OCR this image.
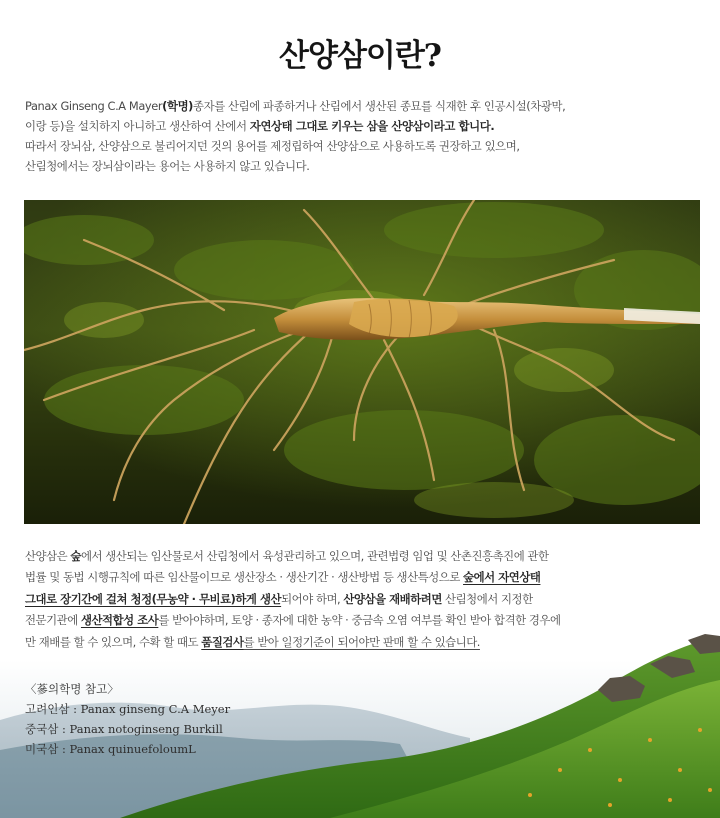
산양삼이란?

Panax Ginseng C.A Mayer(학명)종자를 산림에 파종하거나 산림에서 생산된 종묘를 식재한 후 인공시설(차광막,

이랑 등)을 설치하지 아니하고 생산하여 산에서 자연상태 그대로 키우는 삼을 산양삼이라고 합니다.

따라서 장뇌삼, 산양삼으로 불리어지던 것의 용어를 제정립하여 산양삼으로 사용하도록 권장하고 있으며,

산림청에서는 장뇌삼이라는 용어는 사용하지 않고 있습니다.

산양삼은 숲에서 생산되는 임산물로서 산림청에서 육성관리하고 있으며, 관련법령 임업 및 산촌진흥촉진에 관한
법률 및 동법 시행규칙에 따른 임산물이므로 생산장소 · 생산기간 · 생산방법 등 생산특성으로 숲에서 자연상태
그대로 장기간에 걸쳐 청정(무농약 · 무비료)하게 생산되어야 하며, 산양삼을 재배하려면 산림청에서 지정한
전문기관에 생산적합성 조사를 받아야하며, 토양 · 종자에 대한 농약 · 중금속 오염 여부를 확인 받아 합격한 경우에
만 재배를 할 수 있으며, 수확 할 때도 품질검사를 받아 일정기준이 되어야만 판매 할 수 있습니다.
〈蔘의학명 참고〉
고려인삼 : Panax ginseng C.A Meyer
중국삼 : Panax notoginseng Burkill
미국삼 : Panax quinuefoloumL
